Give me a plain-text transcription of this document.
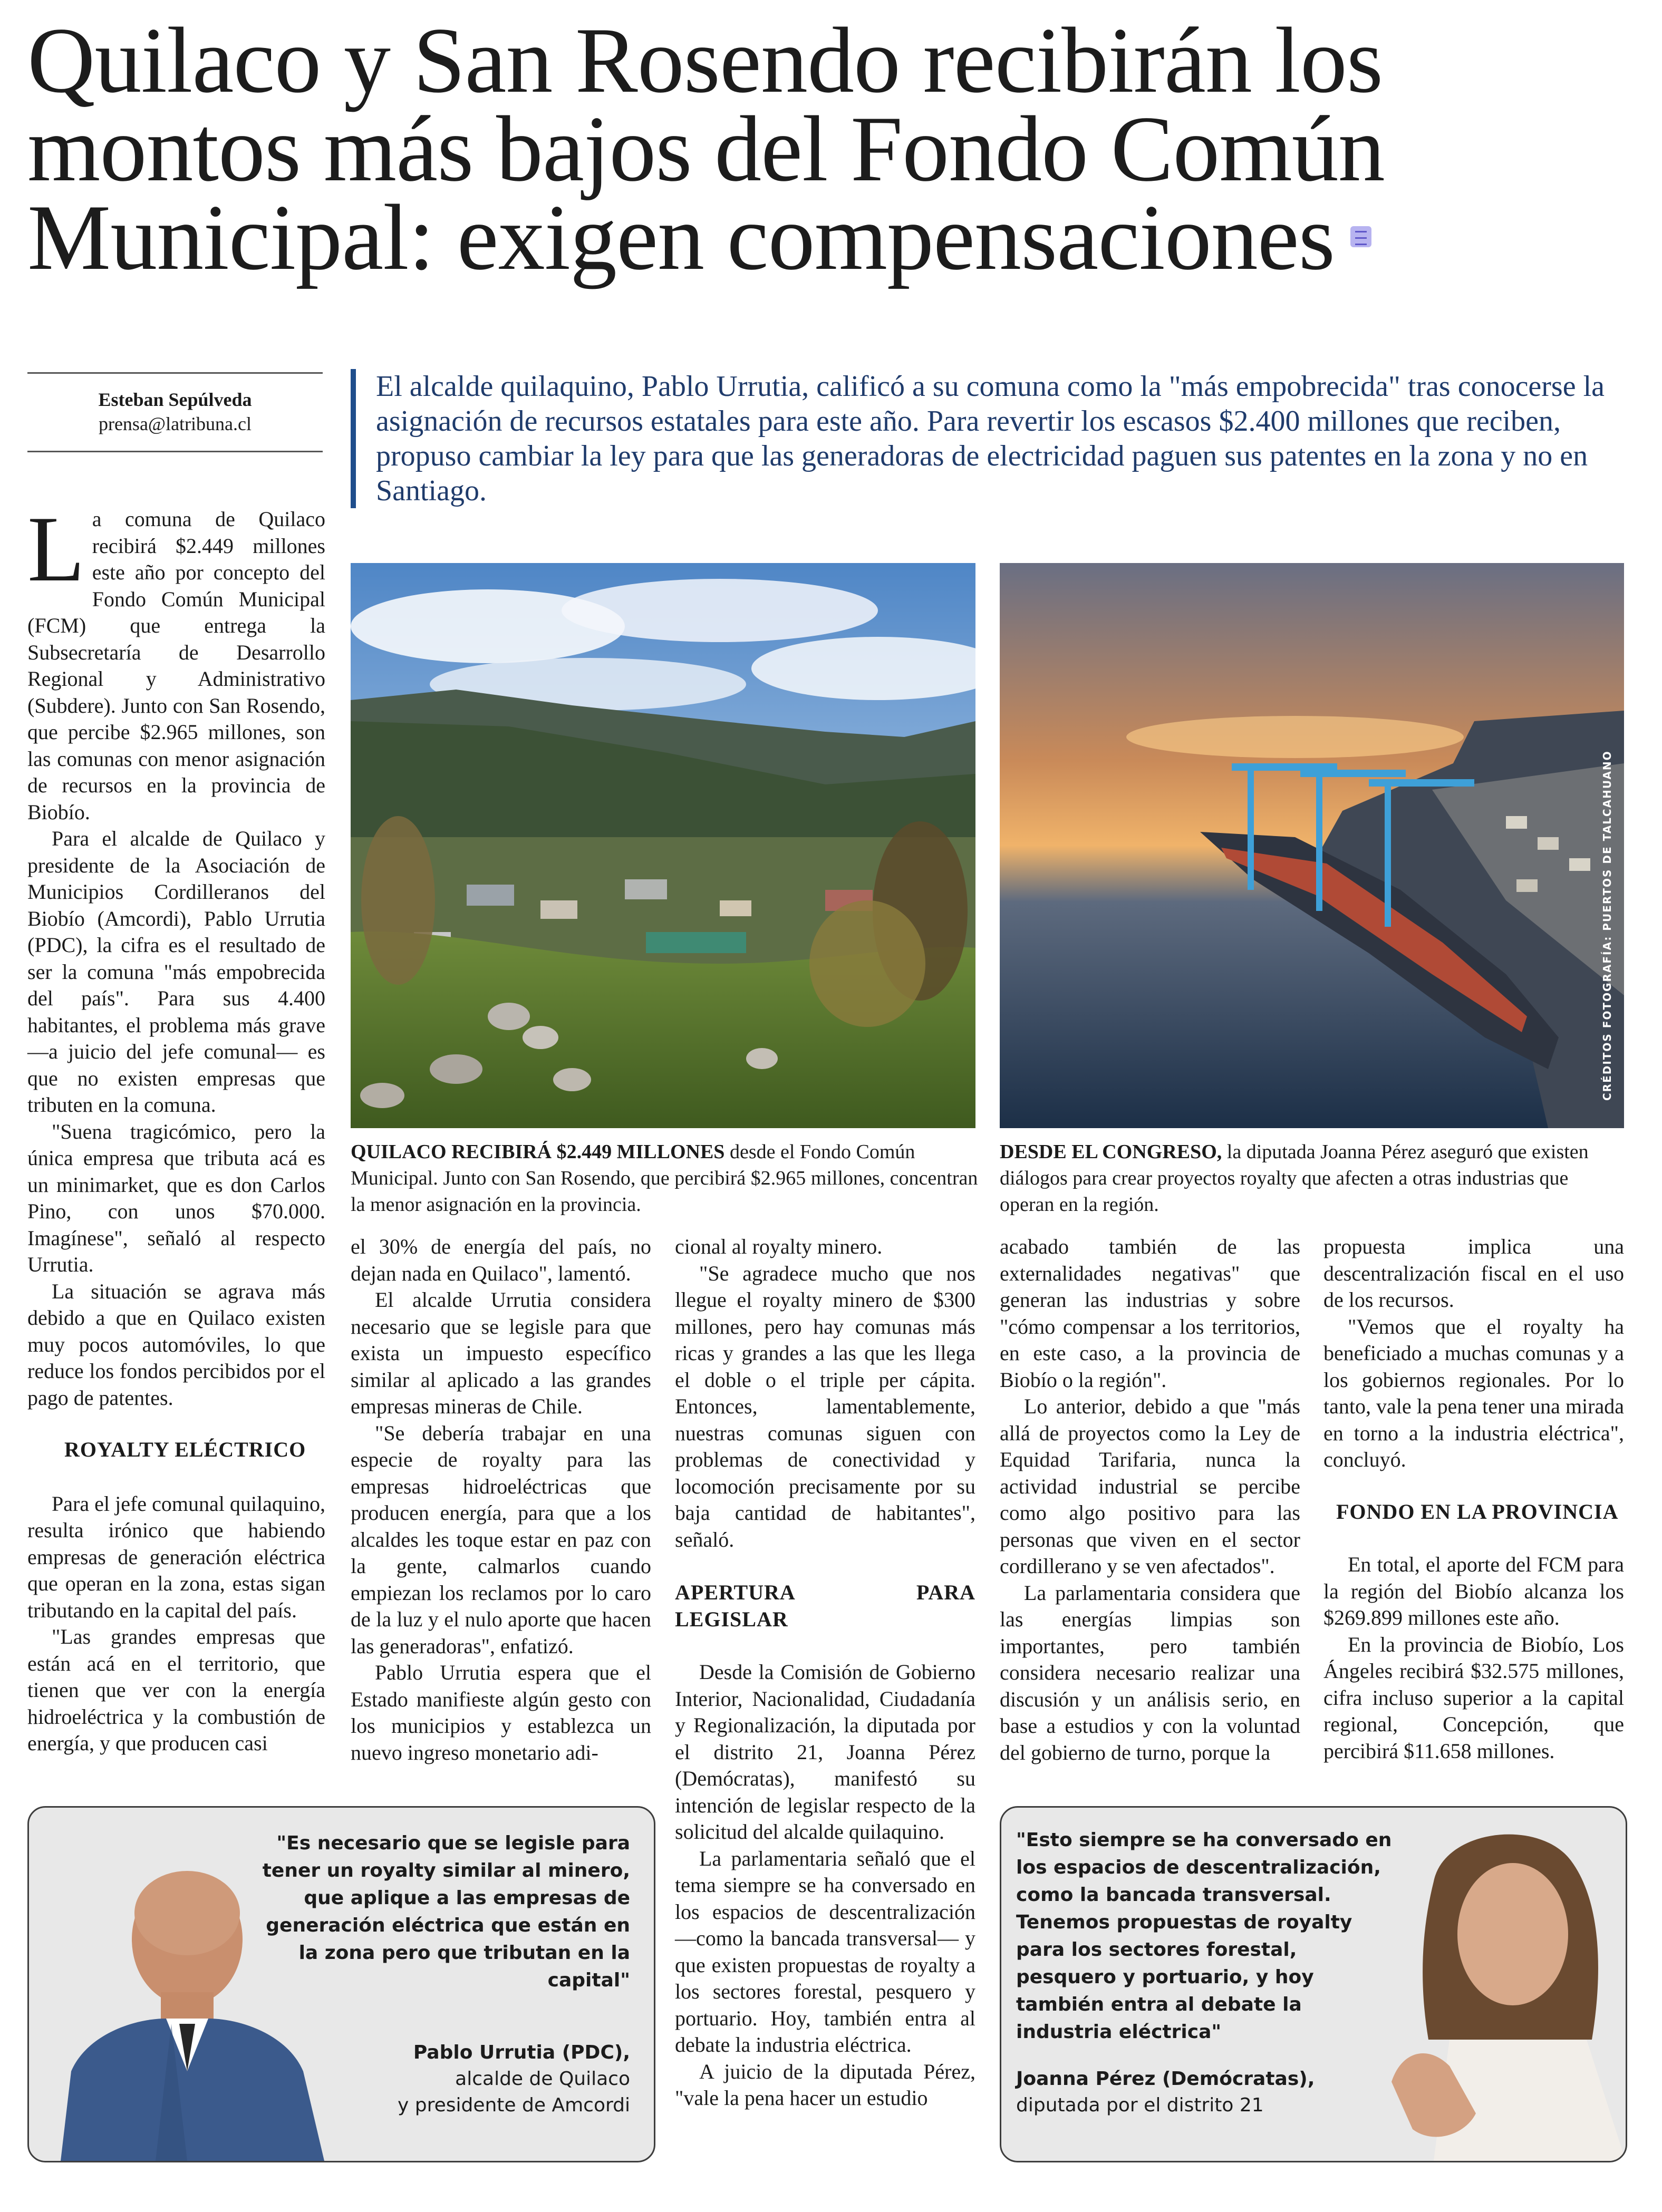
Quilaco y San Rosendo recibirán los montos más bajos del Fondo Común Municipal: exigen compensaciones
Esteban Sepúlveda
prensa@latribuna.cl

El alcalde quilaquino, Pablo Urrutia, calificó a su comuna como la "más empobrecida" tras conocerse la asignación de recursos estatales para este año. Para revertir los escasos $2.400 millones que reciben, propuso cambiar la ley para que las generadoras de electricidad paguen sus patentes en la zona y no en Santiago.

CRÉDITOS FOTOGRAFÍA: PUERTOS DE TALCAHUANO
QUILACO RECIBIRÁ $2.449 MILLONES desde el Fondo Común Municipal. Junto con San Rosendo, que percibirá $2.965 millones, concentran la menor asignación en la provincia.
DESDE EL CONGRESO, la diputada Joanna Pérez aseguró que existen diálogos para crear proyectos royalty que afecten a otras industrias que operan en la región.

La comuna de Quilaco recibirá $2.449 millones este año por concepto del Fondo Común Municipal (FCM) que entrega la Subsecretaría de Desarrollo Regional y Administrativo (Subdere). Junto con San Rosendo, que percibe $2.965 millones, son las comunas con menor asignación de recursos en la provincia de Biobío.

Para el alcalde de Quilaco y presidente de la Asociación de Municipios Cordilleranos del Biobío (Amcordi), Pablo Urrutia (PDC), la cifra es el resultado de ser la comuna "más empobrecida del país". Para sus 4.400 habitantes, el problema más grave —a juicio del jefe comunal— es que no existen empresas que tributen en la comuna.

"Suena tragicómico, pero la única empresa que tributa acá es un minimarket, que es don Carlos Pino, con unos $70.000. Imagínese", señaló al respecto Urrutia.

La situación se agrava más debido a que en Quilaco existen muy pocos automóviles, lo que reduce los fondos percibidos por el pago de patentes.

ROYALTY ELÉCTRICO

Para el jefe comunal quilaquino, resulta irónico que habiendo empresas de generación eléctrica que operan en la zona, estas sigan tributando en la capital del país.

"Las grandes empresas que están acá en el territorio, que tienen que ver con la energía hidroeléctrica y la combustión de energía, y que producen casi

el 30% de energía del país, no dejan nada en Quilaco", lamentó.

El alcalde Urrutia considera necesario que se legisle para que exista un impuesto específico similar al aplicado a las grandes empresas mineras de Chile.

"Se debería trabajar en una especie de royalty para las empresas hidroeléctricas que producen energía, para que a los alcaldes les toque estar en paz con la gente, calmarlos cuando empiezan los reclamos por lo caro de la luz y el nulo aporte que hacen las generadoras", enfatizó.

Pablo Urrutia espera que el Estado manifieste algún gesto con los municipios y establezca un nuevo ingreso monetario adi-

cional al royalty minero.

"Se agradece mucho que nos llegue el royalty minero de $300 millones, pero hay comunas más ricas y grandes a las que les llega el doble o el triple per cápita. Entonces, lamentablemente, nuestras comunas siguen con problemas de conectividad y locomoción precisamente por su baja cantidad de habitantes", señaló.

APERTURA PARA LEGISLAR

Desde la Comisión de Gobierno Interior, Nacionalidad, Ciudadanía y Regionalización, la diputada por el distrito 21, Joanna Pérez (Demócratas), manifestó su intención de legislar respecto de la solicitud del alcalde quilaquino.

La parlamentaria señaló que el tema siempre se ha conversado en los espacios de descentralización —como la bancada transversal— y que existen propuestas de royalty a los sectores forestal, pesquero y portuario. Hoy, también entra al debate la industria eléctrica.

A juicio de la diputada Pérez, "vale la pena hacer un estudio

acabado también de las externalidades negativas" que generan las industrias y sobre "cómo compensar a los territorios, en este caso, a la provincia de Biobío o la región".

Lo anterior, debido a que "más allá de proyectos como la Ley de Equidad Tarifaria, nunca la actividad industrial se percibe como algo positivo para las personas que viven en el sector cordillerano y se ven afectados".

La parlamentaria considera que las energías limpias son importantes, pero también considera necesario realizar una discusión y un análisis serio, en base a estudios y con la voluntad del gobierno de turno, porque la

propuesta implica una descentralización fiscal en el uso de los recursos.

"Vemos que el royalty ha beneficiado a muchas comunas y a los gobiernos regionales. Por lo tanto, vale la pena tener una mirada en torno a la industria eléctrica", concluyó.

FONDO EN LA PROVINCIA

En total, el aporte del FCM para la región del Biobío alcanza los $269.899 millones este año.

En la provincia de Biobío, Los Ángeles recibirá $32.575 millones, cifra incluso superior a la capital regional, Concepción, que percibirá $11.658 millones.

"Es necesario que se legisle para tener un royalty similar al minero, que aplique a las empresas de generación eléctrica que están en la zona pero que tributan en la capital"
Pablo Urrutia (PDC),
alcalde de Quilaco
y presidente de Amcordi
"Esto siempre se ha conversado en los espacios de descentralización, como la bancada transversal. Tenemos propuestas de royalty para los sectores forestal, pesquero y portuario, y hoy también entra al debate la industria eléctrica"
Joanna Pérez (Demócratas),
diputada por el distrito 21
